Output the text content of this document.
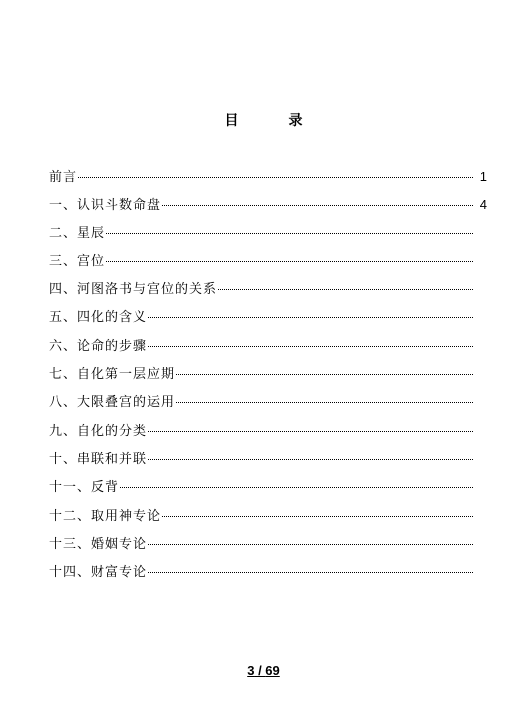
目　录
前言	1
一、认识斗数命盘	4
二、星辰
三、宫位
四、河图洛书与宫位的关系
五、四化的含义
六、论命的步骤
七、自化第一层应期
八、大限叠宫的运用
九、自化的分类
十、串联和并联
十一、反背
十二、取用神专论
十三、婚姻专论
十四、财富专论
3 / 69
